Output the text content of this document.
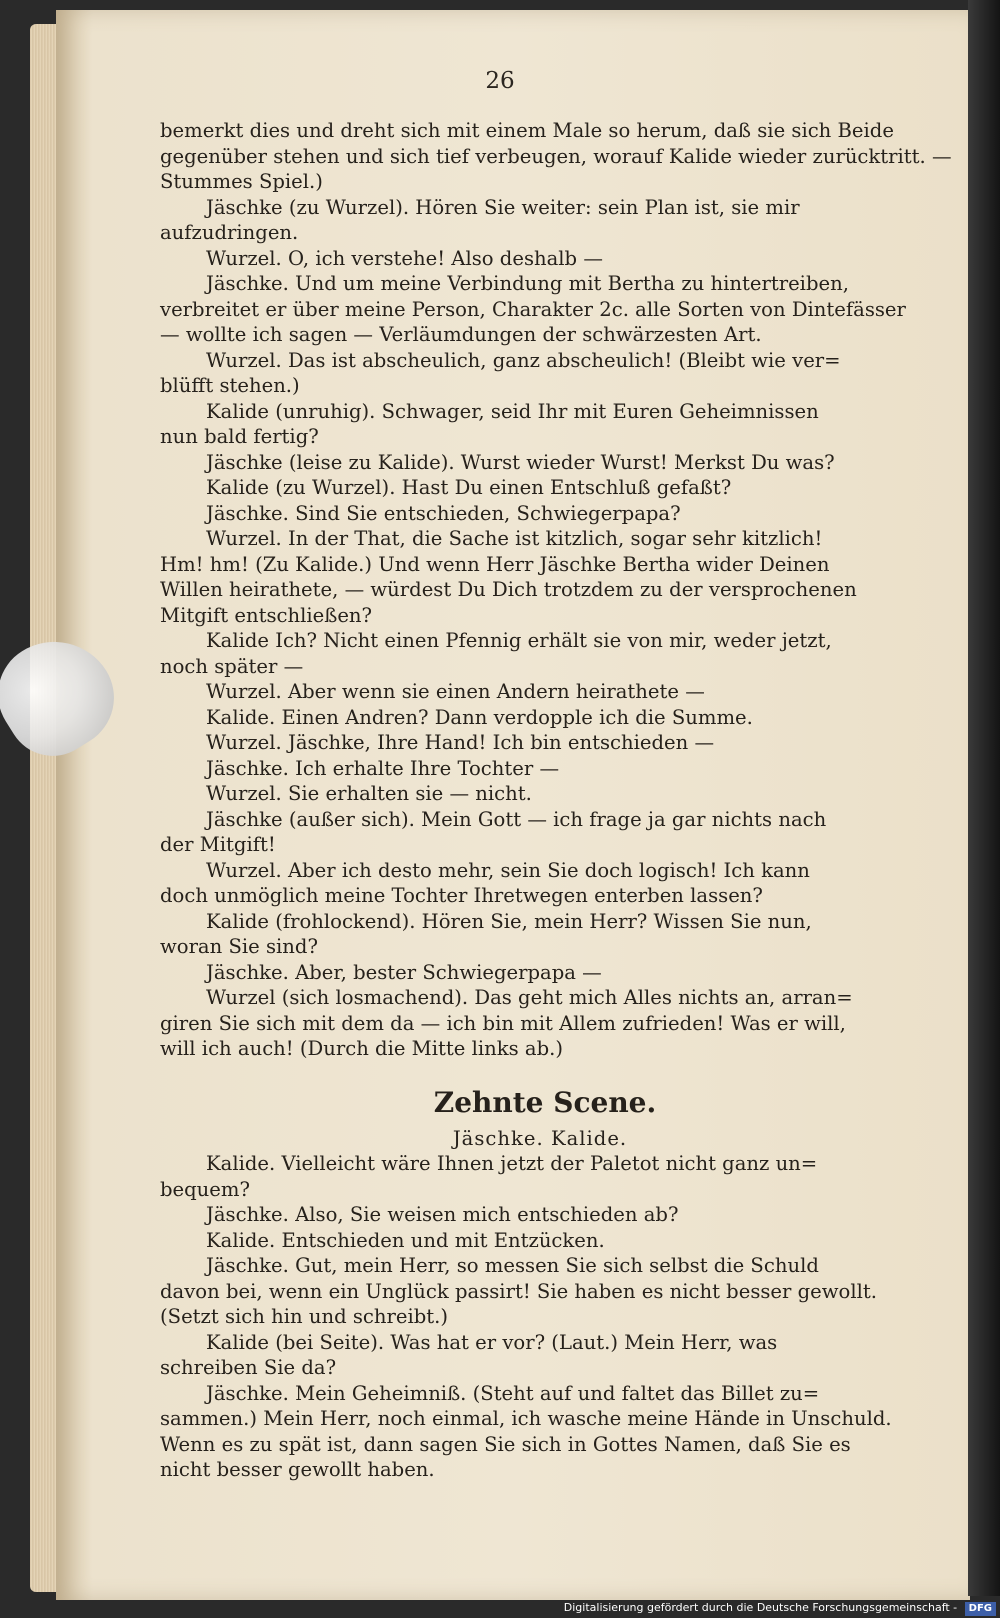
26
bemerkt dies und dreht sich mit einem Male so herum, daß sie sich Beide
gegenüber stehen und sich tief verbeugen, worauf Kalide wieder zurücktritt. —
Stummes Spiel.)
Jäschke (zu Wurzel). Hören Sie weiter: sein Plan ist, sie mir
aufzudringen.
Wurzel. O, ich verstehe! Also deshalb —
Jäschke. Und um meine Verbindung mit Bertha zu hintertreiben,
verbreitet er über meine Person, Charakter 2c. alle Sorten von Dintefässer
— wollte ich sagen — Verläumdungen der schwärzesten Art.
Wurzel. Das ist abscheulich, ganz abscheulich! (Bleibt wie ver=
blüfft stehen.)
Kalide (unruhig). Schwager, seid Ihr mit Euren Geheimnissen
nun bald fertig?
Jäschke (leise zu Kalide). Wurst wieder Wurst! Merkst Du was?
Kalide (zu Wurzel). Hast Du einen Entschluß gefaßt?
Jäschke. Sind Sie entschieden, Schwiegerpapa?
Wurzel. In der That, die Sache ist kitzlich, sogar sehr kitzlich!
Hm! hm! (Zu Kalide.) Und wenn Herr Jäschke Bertha wider Deinen
Willen heirathete, — würdest Du Dich trotzdem zu der versprochenen
Mitgift entschließen?
Kalide Ich? Nicht einen Pfennig erhält sie von mir, weder jetzt,
noch später —
Wurzel. Aber wenn sie einen Andern heirathete —
Kalide. Einen Andren? Dann verdopple ich die Summe.
Wurzel. Jäschke, Ihre Hand! Ich bin entschieden —
Jäschke. Ich erhalte Ihre Tochter —
Wurzel. Sie erhalten sie — nicht.
Jäschke (außer sich). Mein Gott — ich frage ja gar nichts nach
der Mitgift!
Wurzel. Aber ich desto mehr, sein Sie doch logisch! Ich kann
doch unmöglich meine Tochter Ihretwegen enterben lassen?
Kalide (frohlockend). Hören Sie, mein Herr? Wissen Sie nun,
woran Sie sind?
Jäschke. Aber, bester Schwiegerpapa —
Wurzel (sich losmachend). Das geht mich Alles nichts an, arran=
giren Sie sich mit dem da — ich bin mit Allem zufrieden! Was er will,
will ich auch! (Durch die Mitte links ab.)
Zehnte Scene.
Jäschke. Kalide.
Kalide. Vielleicht wäre Ihnen jetzt der Paletot nicht ganz un=
bequem?
Jäschke. Also, Sie weisen mich entschieden ab?
Kalide. Entschieden und mit Entzücken.
Jäschke. Gut, mein Herr, so messen Sie sich selbst die Schuld
davon bei, wenn ein Unglück passirt! Sie haben es nicht besser gewollt.
(Setzt sich hin und schreibt.)
Kalide (bei Seite). Was hat er vor? (Laut.) Mein Herr, was
schreiben Sie da?
Jäschke. Mein Geheimniß. (Steht auf und faltet das Billet zu=
sammen.) Mein Herr, noch einmal, ich wasche meine Hände in Unschuld.
Wenn es zu spät ist, dann sagen Sie sich in Gottes Namen, daß Sie es
nicht besser gewollt haben.
Digitalisierung gefördert durch die Deutsche Forschungsgemeinschaft - DFG
